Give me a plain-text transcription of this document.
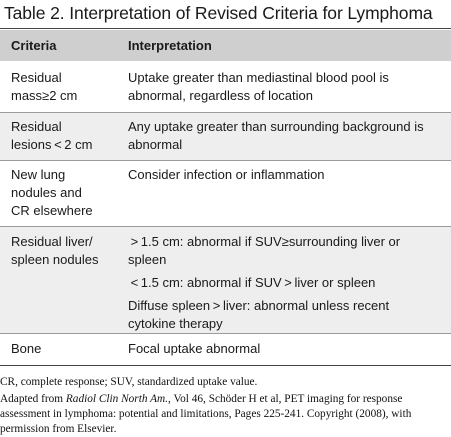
Table 2. Interpretation of Revised Criteria for Lymphoma
Criteria	Interpretation
Residual
mass≥2 cm
Uptake greater than mediastinal blood pool is
abnormal, regardless of location
Residual
lesions < 2 cm
Any uptake greater than surrounding background is
abnormal
New lung
nodules and
CR elsewhere
Consider infection or inflammation
Residual liver/
spleen nodules
 > 1.5 cm: abnormal if SUV≥surrounding liver or
spleen
 < 1.5 cm: abnormal if SUV > liver or spleen
Diffuse spleen > liver: abnormal unless recent
cytokine therapy
Bone	Focal uptake abnormal
CR, complete response; SUV, standardized uptake value.
Adapted from Radiol Clin North Am., Vol 46, Schöder H et al, PET imaging for response
assessment in lymphoma: potential and limitations, Pages 225-241. Copyright (2008), with
permission from Elsevier.
